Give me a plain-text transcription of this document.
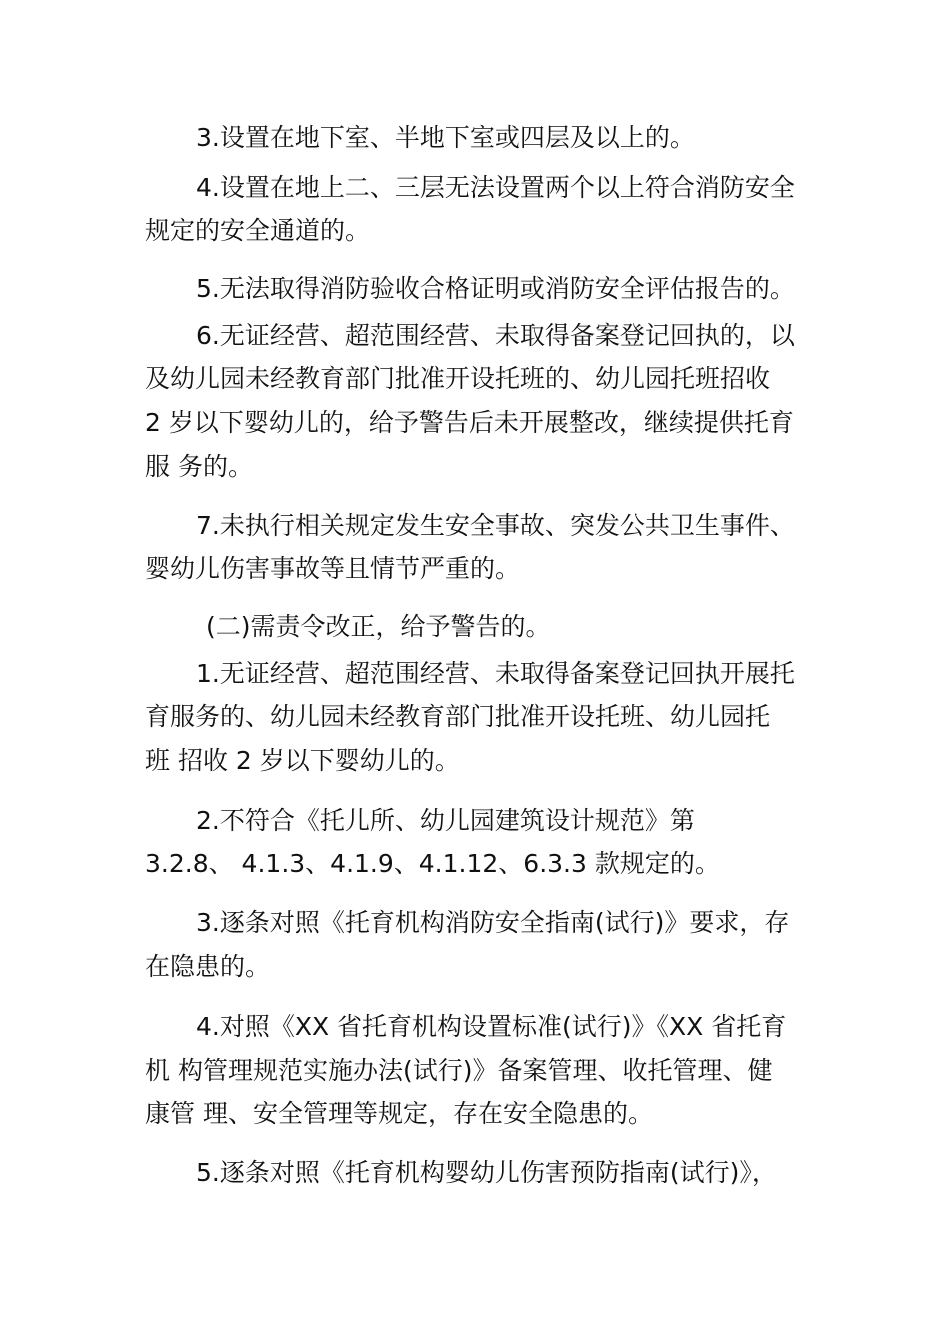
3.设置在地下室、半地下室或四层及以上的。

4.设置在地上二、三层无法设置两个以上符合消防安全

规定的安全通道的。

5.无法取得消防验收合格证明或消防安全评估报告的。

6.无证经营、超范围经营、未取得备案登记回执的，以

及幼儿园未经教育部门批准开设托班的、幼儿园托班招收

2 岁以下婴幼儿的，给予警告后未开展整改，继续提供托育

服 务的。

7.未执行相关规定发生安全事故、突发公共卫生事件、

婴幼儿伤害事故等且情节严重的。

(二)需责令改正，给予警告的。

1.无证经营、超范围经营、未取得备案登记回执开展托

育服务的、幼儿园未经教育部门批准开设托班、幼儿园托

班 招收 2 岁以下婴幼儿的。

2.不符合《托儿所、幼儿园建筑设计规范》第

3.2.8、 4.1.3、4.1.9、4.1.12、6.3.3 款规定的。

3.逐条对照《托育机构消防安全指南(试行)》要求，存

在隐患的。

4.对照《XX 省托育机构设置标准(试行)》《XX 省托育

机 构管理规范实施办法(试行)》备案管理、收托管理、健

康管 理、安全管理等规定，存在安全隐患的。

5.逐条对照《托育机构婴幼儿伤害预防指南(试行)》，
